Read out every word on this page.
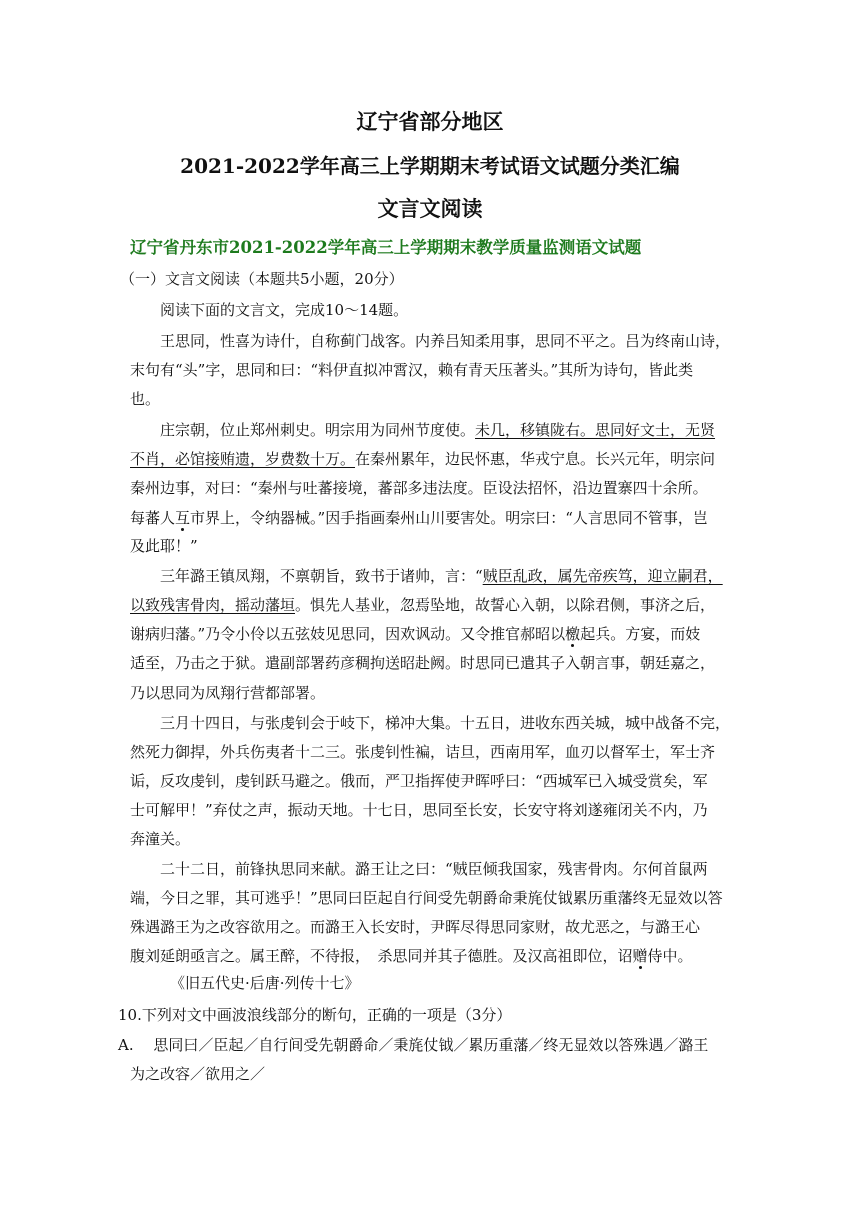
辽宁省部分地区
2021-2022学年高三上学期期末考试语文试题分类汇编
文言文阅读
辽宁省丹东市2021-2022学年高三上学期期末教学质量监测语文试题
（一）文言文阅读（本题共5小题，20分）
阅读下面的文言文，完成10～14题。
王思同，性喜为诗什，自称蓟门战客。内养吕知柔用事，思同不平之。吕为终南山诗，
末句有“头”字，思同和曰：“料伊直拟冲霄汉，赖有青天压著头。”其所为诗句，皆此类
也。
庄宗朝，位止郑州刺史。明宗用为同州节度使。未几，移镇陇右。思同好文士，无贤
不肖，必馆接贿遗，岁费数十万。在秦州累年，边民怀惠，华戎宁息。长兴元年，明宗问
秦州边事，对曰：“秦州与吐蕃接境，蕃部多违法度。臣设法招怀，沿边置寨四十余所。
每蕃人互市界上，令纳器械。”因手指画秦州山川要害处。明宗曰：“人言思同不管事，岂
及此耶！”
三年潞王镇凤翔，不禀朝旨，致书于诸帅，言：“贼臣乱政，属先帝疾笃，迎立嗣君，
以致残害骨肉，摇动藩垣。惧先人基业，忽焉坠地，故誓心入朝，以除君侧，事济之后，
谢病归藩。”乃令小伶以五弦妓见思同，因欢讽动。又令推官郝昭以檄起兵。方宴，而妓
适至，乃击之于狱。遣副部署药彦稠拘送昭赴阙。时思同已遣其子入朝言事，朝廷嘉之，
乃以思同为凤翔行营都部署。
三月十四日，与张虔钊会于岐下，梯冲大集。十五日，进收东西关城，城中战备不完，
然死力御捍，外兵伤夷者十二三。张虔钊性褊，诘旦，西南用军，血刃以督军士，军士齐
诟，反攻虔钊，虔钊跃马避之。俄而，严卫指挥使尹晖呼曰：“西城军已入城受赏矣，军
士可解甲！”弃仗之声，振动天地。十七日，思同至长安，长安守将刘遂雍闭关不内，乃
奔潼关。
二十二日，前锋执思同来献。潞王让之曰：“贼臣倾我国家，残害骨肉。尔何首鼠两
端，今日之罪，其可逃乎！”思同曰臣起自行间受先朝爵命秉旄仗钺累历重藩终无显效以答
殊遇潞王为之改容欲用之。而潞王入长安时，尹晖尽得思同家财，故尤恶之，与潞王心
腹刘延朗亟言之。属王醉，不待报，　杀思同并其子德胜。及汉高祖即位，诏赠侍中。
《旧五代史·后唐·列传十七》
10.下列对文中画波浪线部分的断句，正确的一项是（3分）
A.　 思同曰／臣起／自行间受先朝爵命／秉旄仗钺／累历重藩／终无显效以答殊遇／潞王
为之改容／欲用之／
